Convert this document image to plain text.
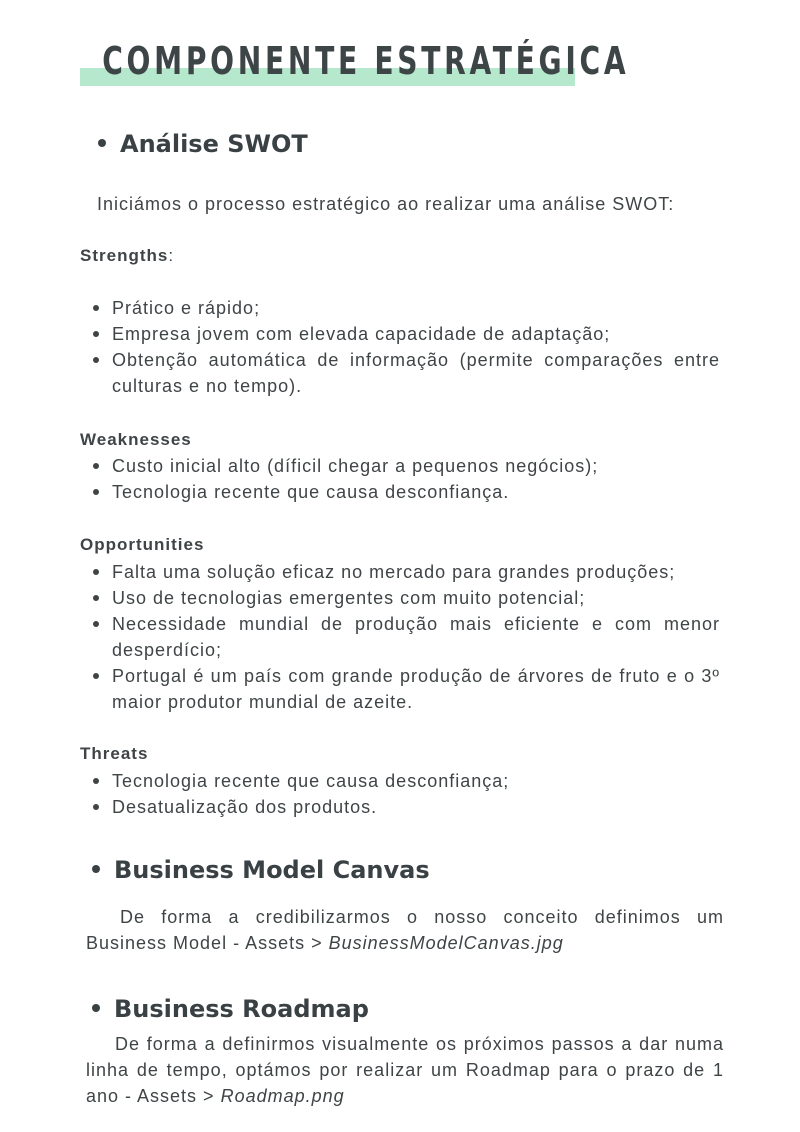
COMPONENTE ESTRATÉGICA
Análise SWOT

Iniciámos o processo estratégico ao realizar uma análise SWOT:

Strengths:

Prático e rápido;
Empresa jovem com elevada capacidade de adaptação;
Obtenção automática de informação (permite comparações entre culturas e no tempo).

Weaknesses

Custo inicial alto (díficil chegar a pequenos negócios);
Tecnologia recente que causa desconfiança.

Opportunities

Falta uma solução eficaz no mercado para grandes produções;
Uso de tecnologias emergentes com muito potencial;
Necessidade mundial de produção mais eficiente e com menor desperdício;
Portugal é um país com grande produção de árvores de fruto e o 3º maior produtor mundial de azeite.

Threats

Tecnologia recente que causa desconfiança;
Desatualização dos produtos.
Business Model Canvas

De forma a credibilizarmos o nosso conceito definimos um Business Model - Assets > BusinessModelCanvas.jpg

Business Roadmap

De forma a definirmos visualmente os próximos passos a dar numa linha de tempo, optámos por realizar um Roadmap para o prazo de 1 ano - Assets > Roadmap.png
